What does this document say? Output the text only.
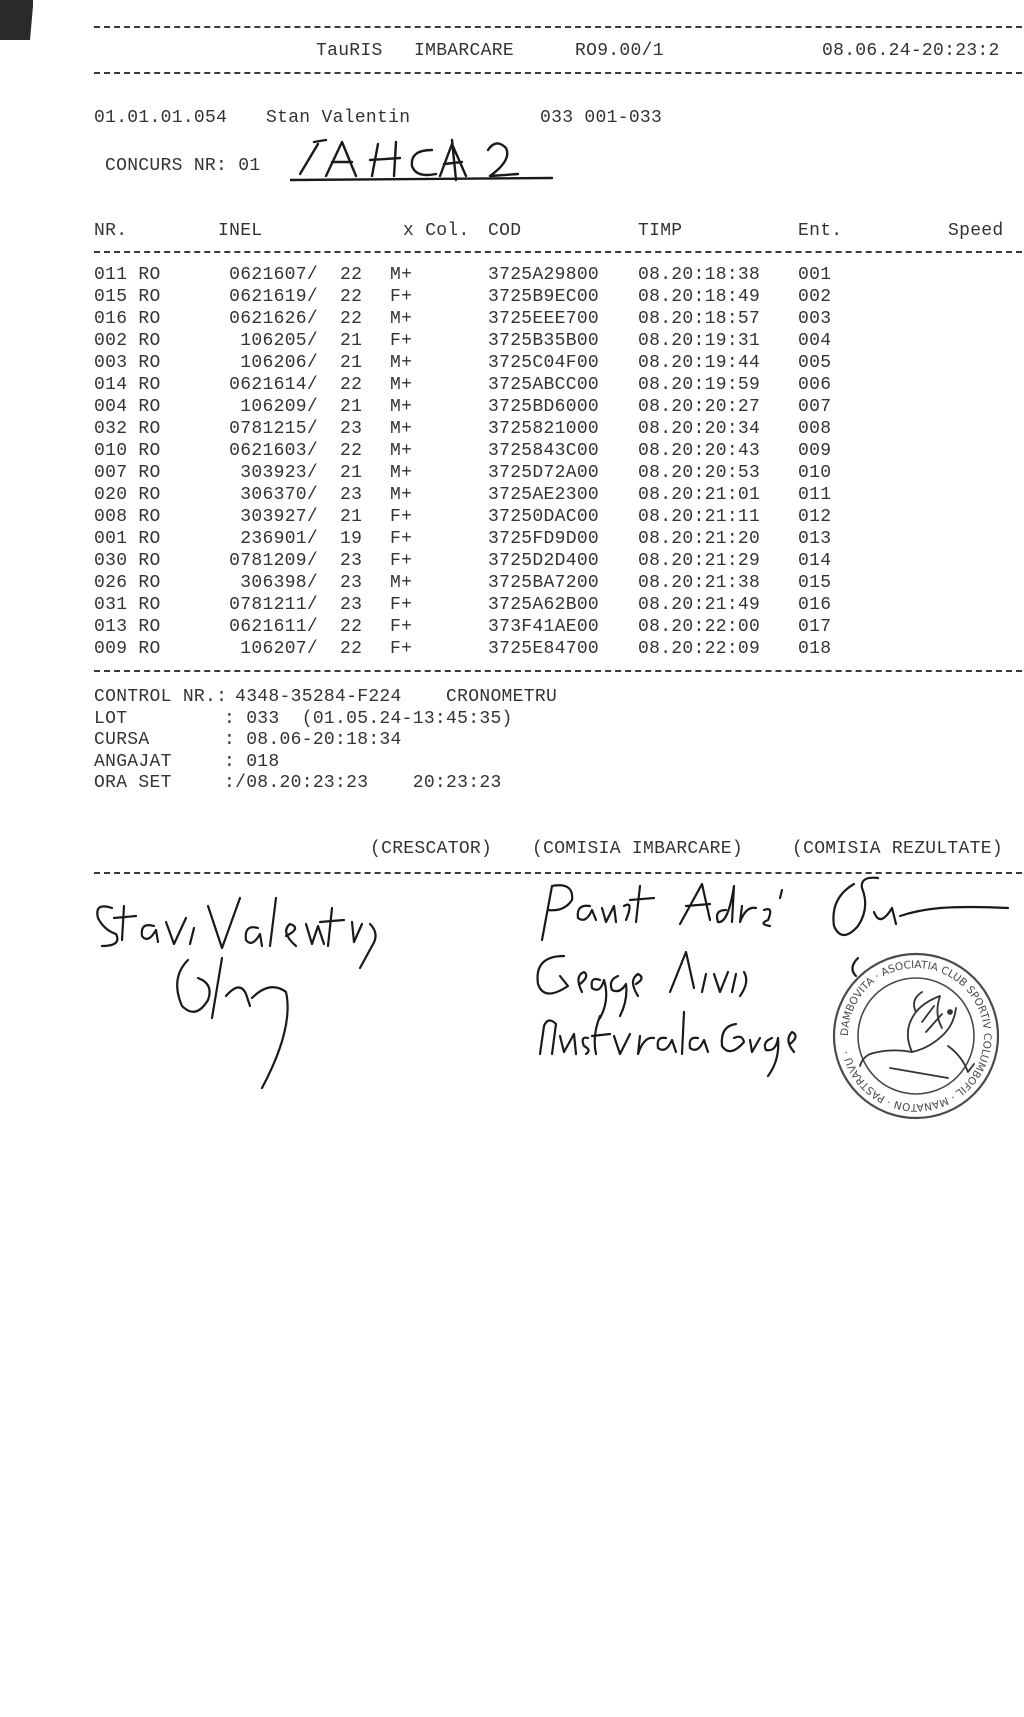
TauRIS IMBARCARE	RO9.00/1	08.06.24-20:23:2
01.01.01.054 Stan Valentin	033 001-033
CONCURS NR: 01
NR.	INEL	x Col. COD	TIMP	Ent.	Speed
011 RO	0621607/ 22 M+	3725A29800 08.20:18:38 001
015 RO	0621619/ 22 F+	3725B9EC00 08.20:18:49 002
016 RO	0621626/ 22 M+	3725EEE700 08.20:18:57 003
002 RO	106205/ 21 F+	3725B35B00 08.20:19:31 004
003 RO	106206/ 21 M+	3725C04F00 08.20:19:44 005
014 RO	0621614/ 22 M+	3725ABCC00 08.20:19:59 006
004 RO	106209/ 21 M+	3725BD6000 08.20:20:27 007
032 RO	0781215/ 23 M+	3725821000 08.20:20:34 008
010 RO	0621603/ 22 M+	3725843C00 08.20:20:43 009
007 RO	303923/ 21 M+	3725D72A00 08.20:20:53 010
020 RO	306370/ 23 M+	3725AE2300 08.20:21:01 011
008 RO	303927/ 21 F+	37250DAC00 08.20:21:11 012
001 RO	236901/ 19 F+	3725FD9D00 08.20:21:20 013
030 RO	0781209/ 23 F+	3725D2D400 08.20:21:29 014
026 RO	306398/ 23 M+	3725BA7200 08.20:21:38 015
031 RO	0781211/ 23 F+	3725A62B00 08.20:21:49 016
013 RO	0621611/ 22 F+	373F41AE00 08.20:22:00 017
009 RO	106207/ 22 F+	3725E84700 08.20:22:09 018
CONTROL NR.:
4348-35284-F224    CRONOMETRU
LOT	: 033  (01.05.24-13:45:35)
CURSA	: 08.06-20:18:34
ANGAJAT	: 018
ORA SET	:/08.20:23:23    20:23:23
(CRESCATOR) (COMISIA IMBARCARE)	(COMISIA REZULTATE)
DAMBOVITA · ASOCIATIA CLUB SPORTIV COLUMBOFIL · MANATON · PASTRAVU ·
